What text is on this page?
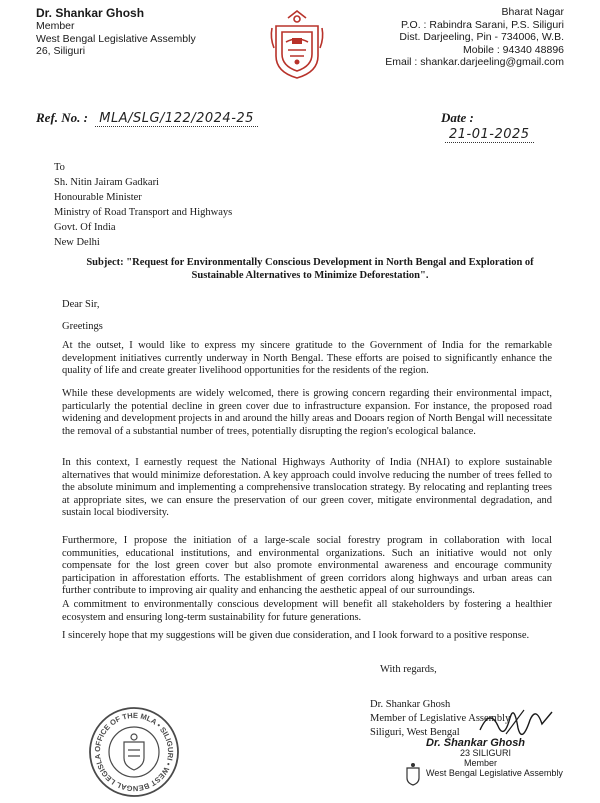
Dr. Shankar Ghosh
Member
West Bengal Legislative Assembly
26, Siliguri
Bharat Nagar
P.O. : Rabindra Sarani, P.S. Siliguri
Dist. Darjeeling, Pin - 734006, W.B.
Mobile : 94340 48896
Email : shankar.darjeeling@gmail.com
Ref. No. : MLA/SLG/122/2024-25	Date : 21-01-2025
To
Sh. Nitin Jairam Gadkari
Honourable Minister
Ministry of Road Transport and Highways
Govt. Of India
New Delhi
Subject: "Request for Environmentally Conscious Development in North Bengal and Exploration of Sustainable Alternatives to Minimize Deforestation".
Dear Sir,
Greetings
At the outset, I would like to express my sincere gratitude to the Government of India for the remarkable development initiatives currently underway in North Bengal. These efforts are poised to significantly enhance the quality of life and create greater livelihood opportunities for the residents of the region.
While these developments are widely welcomed, there is growing concern regarding their environmental impact, particularly the potential decline in green cover due to infrastructure expansion. For instance, the proposed road widening and development projects in and around the hilly areas and Dooars region of North Bengal will necessitate the removal of a substantial number of trees, potentially disrupting the region's ecological balance.
In this context, I earnestly request the National Highways Authority of India (NHAI) to explore sustainable alternatives that would minimize deforestation. A key approach could involve reducing the number of trees felled to the absolute minimum and implementing a comprehensive translocation strategy. By relocating and replanting trees at appropriate sites, we can ensure the preservation of our green cover, mitigate environmental degradation, and sustain local biodiversity.
Furthermore, I propose the initiation of a large-scale social forestry program in collaboration with local communities, educational institutions, and environmental organizations. Such an initiative would not only compensate for the lost green cover but also promote environmental awareness and encourage community participation in afforestation efforts. The establishment of green corridors along highways and urban areas can further contribute to improving air quality and enhancing the aesthetic appeal of our surroundings.
A commitment to environmentally conscious development will benefit all stakeholders by fostering a healthier ecosystem and ensuring long-term sustainability for future generations.
I sincerely hope that my suggestions will be given due consideration, and I look forward to a positive response.
With regards,
Dr. Shankar Ghosh
Member of Legislative Assembly
Siliguri, West Bengal
Dr. Shankar Ghosh
23 SILIGURI
Member
West Bengal Legislative Assembly
OFFICE OF THE MLA • SILIGURI • WEST BENGAL LEGISLA
